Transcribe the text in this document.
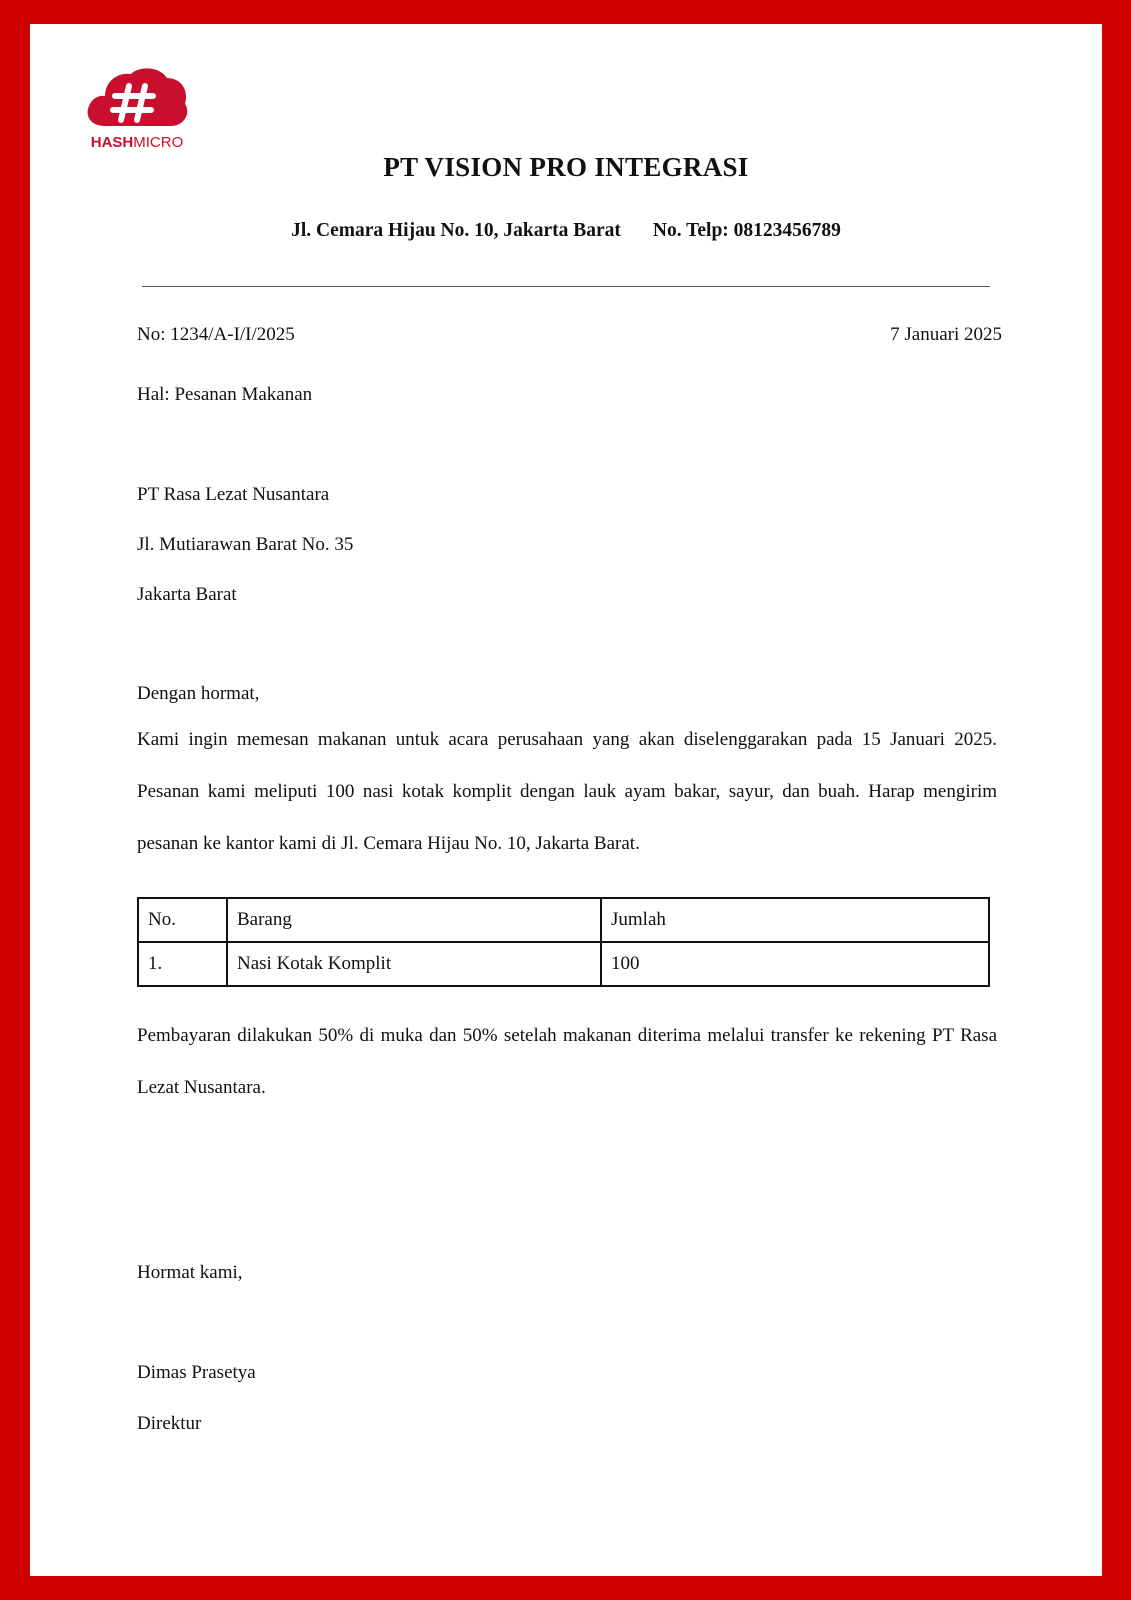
HASHMICRO
PT VISION PRO INTEGRASI
Jl. Cemara Hijau No. 10, Jakarta Barat No. Telp: 08123456789
No: 1234/A-I/I/2025	7 Januari 2025
Hal: Pesanan Makanan
PT Rasa Lezat Nusantara
Jl. Mutiarawan Barat No. 35
Jakarta Barat
Dengan hormat,
Kami ingin memesan makanan untuk acara perusahaan yang akan diselenggarakan pada 15 Januari 2025. Pesanan kami meliputi 100 nasi kotak komplit dengan lauk ayam bakar, sayur, dan buah. Harap mengirim pesanan ke kantor kami di Jl. Cemara Hijau No. 10, Jakarta Barat.
No.	Barang	Jumlah
1.	Nasi Kotak Komplit	100
Pembayaran dilakukan 50% di muka dan 50% setelah makanan diterima melalui transfer ke rekening PT Rasa Lezat Nusantara.
Hormat kami,
Dimas Prasetya
Direktur
